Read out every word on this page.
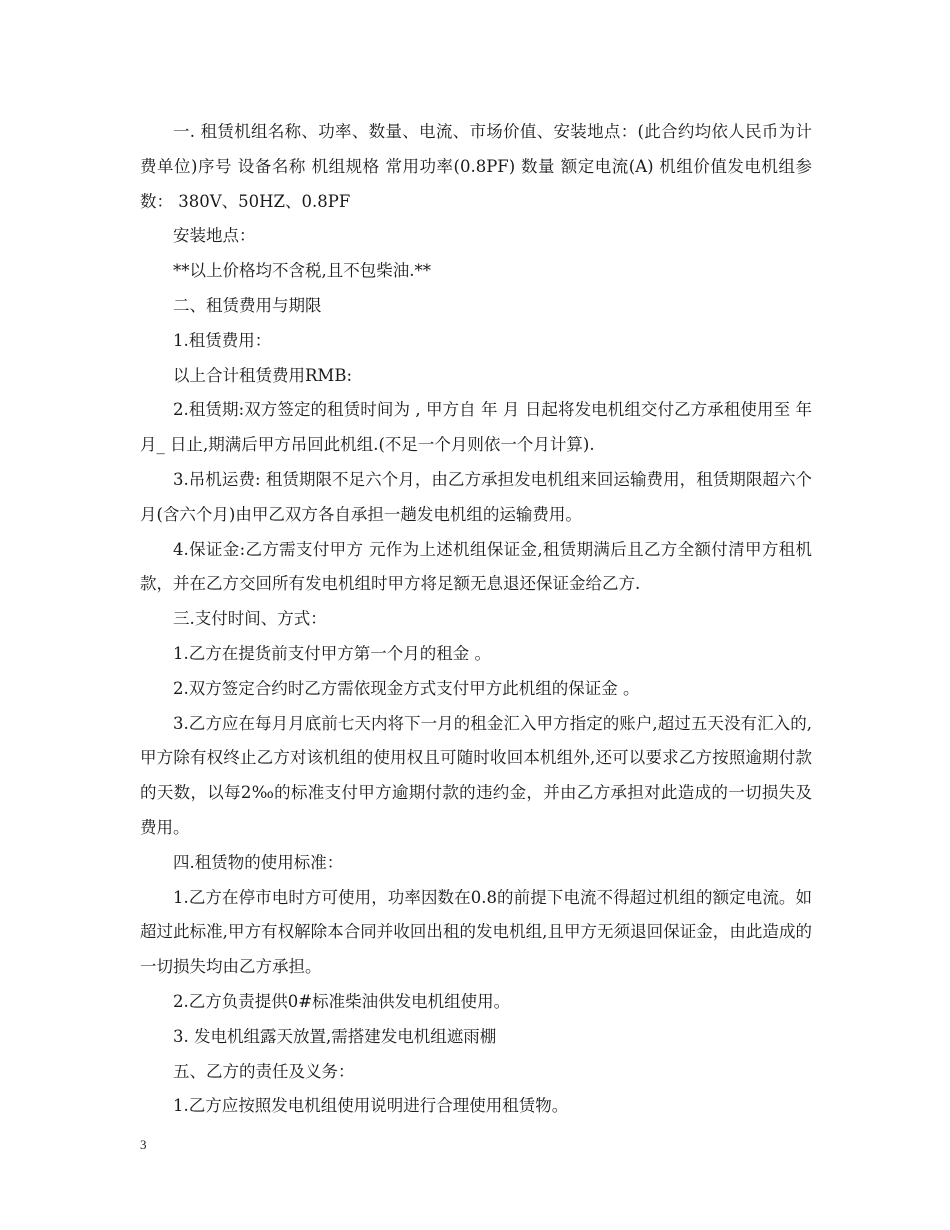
一. 租赁机组名称、功率、数量、电流、市场价值、安装地点：(此合约均依人民币为计费单位)序号 设备名称 机组规格 常用功率(0.8PF) 数量 额定电流(A) 机组价值发电机组参数： 380V、50HZ、0.8PF

安装地点：

**以上价格均不含税,且不包柴油.**

二、租赁费用与期限

1.租赁费用：

以上合计租赁费用RMB:

2.租赁期:双方签定的租赁时间为 , 甲方自 年 月 日起将发电机组交付乙方承租使用至 年 月_ 日止,期满后甲方吊回此机组.(不足一个月则依一个月计算).

3.吊机运费: 租赁期限不足六个月，由乙方承担发电机组来回运输费用，租赁期限超六个月(含六个月)由甲乙双方各自承担一趟发电机组的运输费用。

4.保证金:乙方需支付甲方 元作为上述机组保证金,租赁期满后且乙方全额付清甲方租机款，并在乙方交回所有发电机组时甲方将足额无息退还保证金给乙方.

三.支付时间、方式：

1.乙方在提货前支付甲方第一个月的租金 。

2.双方签定合约时乙方需依现金方式支付甲方此机组的保证金 。

3.乙方应在每月月底前七天内将下一月的租金汇入甲方指定的账户,超过五天没有汇入的,甲方除有权终止乙方对该机组的使用权且可随时收回本机组外,还可以要求乙方按照逾期付款的天数，以每2‰的标准支付甲方逾期付款的违约金，并由乙方承担对此造成的一切损失及费用。

四.租赁物的使用标准：

1.乙方在停市电时方可使用，功率因数在0.8的前提下电流不得超过机组的额定电流。如超过此标准,甲方有权解除本合同并收回出租的发电机组,且甲方无须退回保证金，由此造成的一切损失均由乙方承担。

2.乙方负责提供0#标准柴油供发电机组使用。

3. 发电机组露天放置,需搭建发电机组遮雨棚

五、乙方的责任及义务：

1.乙方应按照发电机组使用说明进行合理使用租赁物。

3
